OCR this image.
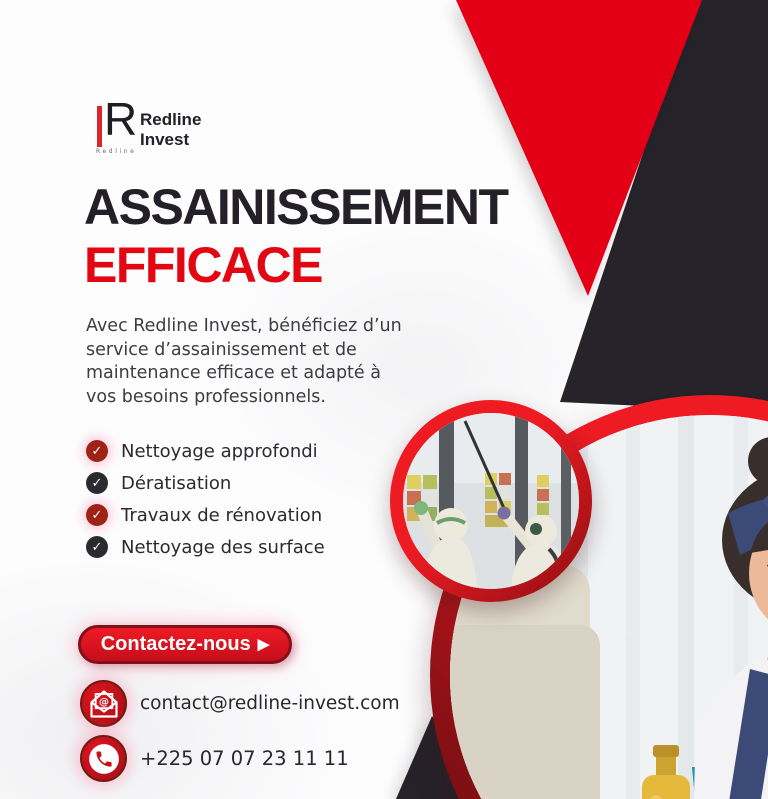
R
Redline
Redline
Invest
ASSAINISSEMENT
EFFICACE
Avec Redline Invest, bénéficiez d’un
service d’assainissement et de
maintenance efficace et adapté à
vos besoins professionnels.
✓	Nettoyage approfondi
✓	Dératisation
✓	Travaux de rénovation
✓	Nettoyage des surface
Contactez-nous ▶
@ contact@redline-invest.com
+225 07 07 23 11 11
